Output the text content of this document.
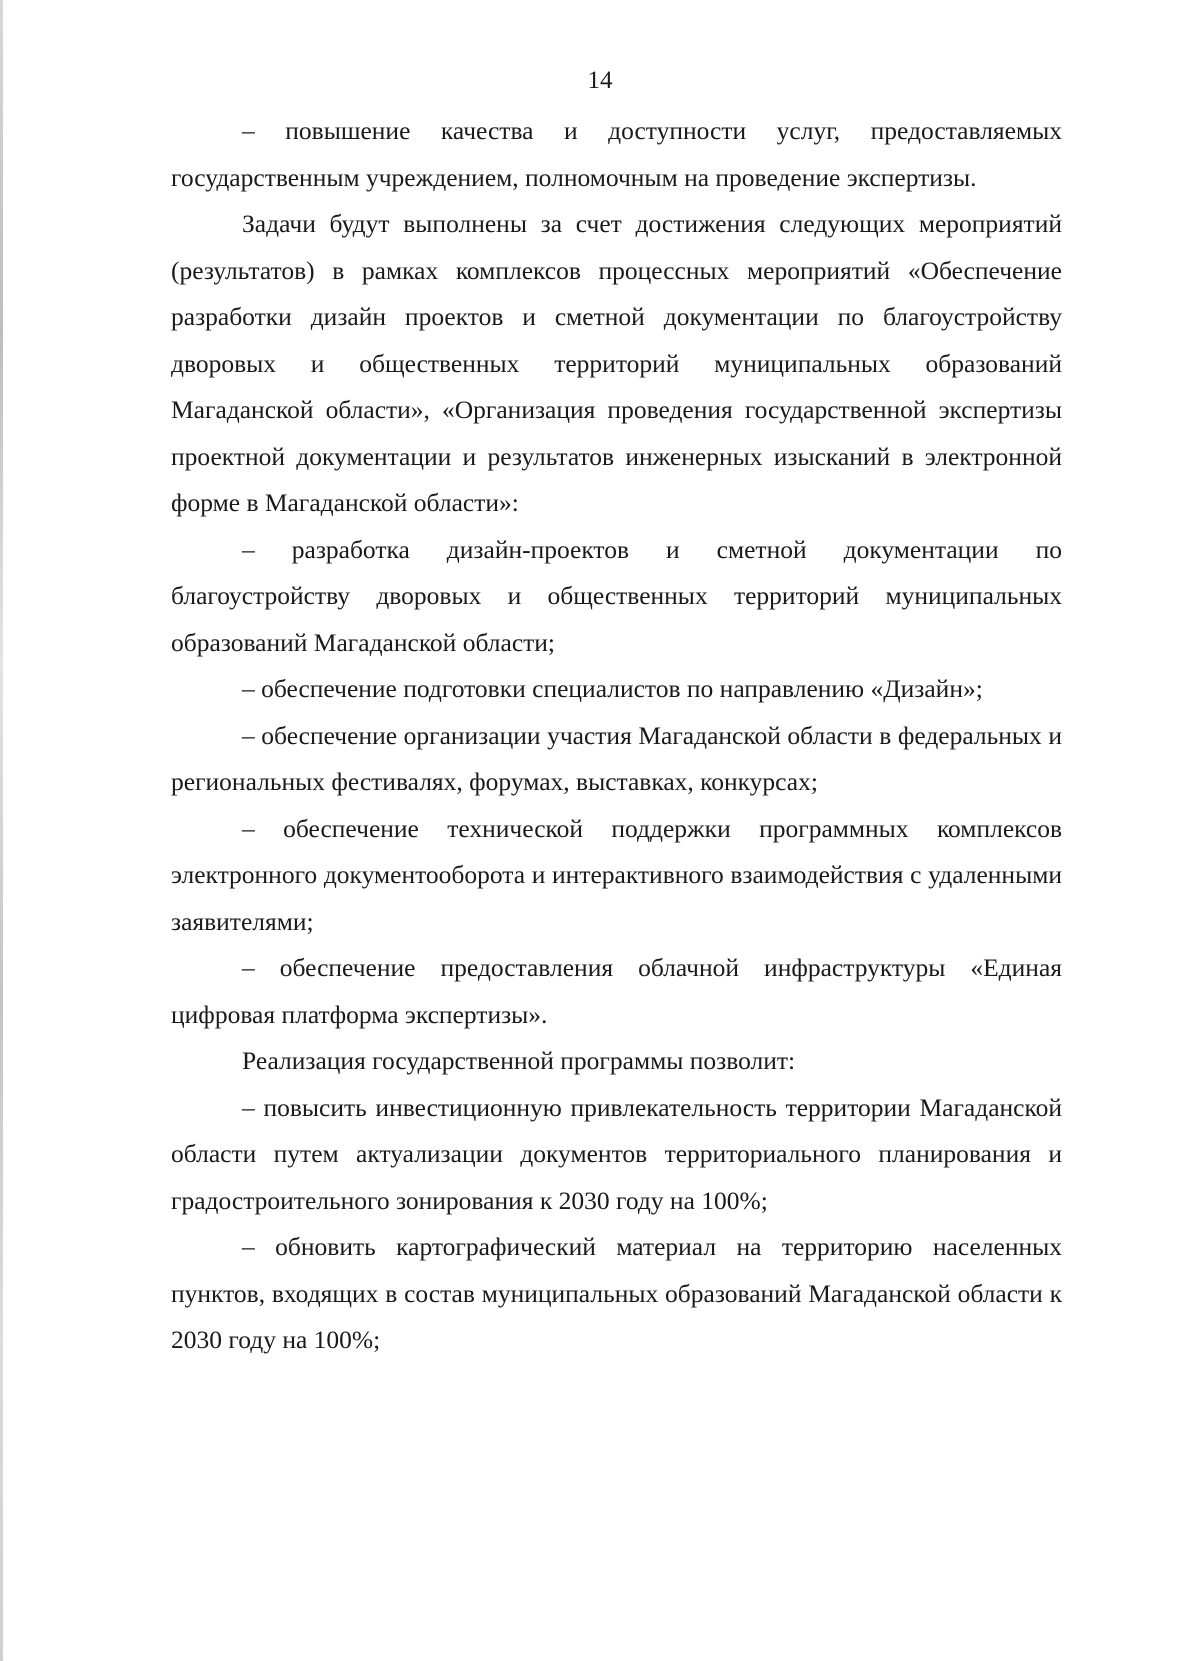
14

– повышение качества и доступности услуг, предоставляемых государственным учреждением, полномочным на проведение экспертизы.

Задачи будут выполнены за счет достижения следующих мероприятий (результатов) в рамках комплексов процессных мероприятий «Обеспечение разработки дизайн проектов и сметной документации по благоустройству дворовых и общественных территорий муниципальных образований Магаданской области», «Организация проведения государственной экспертизы проектной документации и результатов инженерных изысканий в электронной форме в Магаданской области»:

– разработка дизайн-проектов и сметной документации по благоустройству дворовых и общественных территорий муниципальных образований Магаданской области;

– обеспечение подготовки специалистов по направлению «Дизайн»;

– обеспечение организации участия Магаданской области в федеральных и региональных фестивалях, форумах, выставках, конкурсах;

– обеспечение технической поддержки программных комплексов электронного документооборота и интерактивного взаимодействия с удаленными заявителями;

– обеспечение предоставления облачной инфраструктуры «Единая цифровая платформа экспертизы».

Реализация государственной программы позволит:

– повысить инвестиционную привлекательность территории Магаданской области путем актуализации документов территориального планирования и градостроительного зонирования к 2030 году на 100%;

– обновить картографический материал на территорию населенных пунктов, входящих в состав муниципальных образований Магаданской области к 2030 году на 100%;
